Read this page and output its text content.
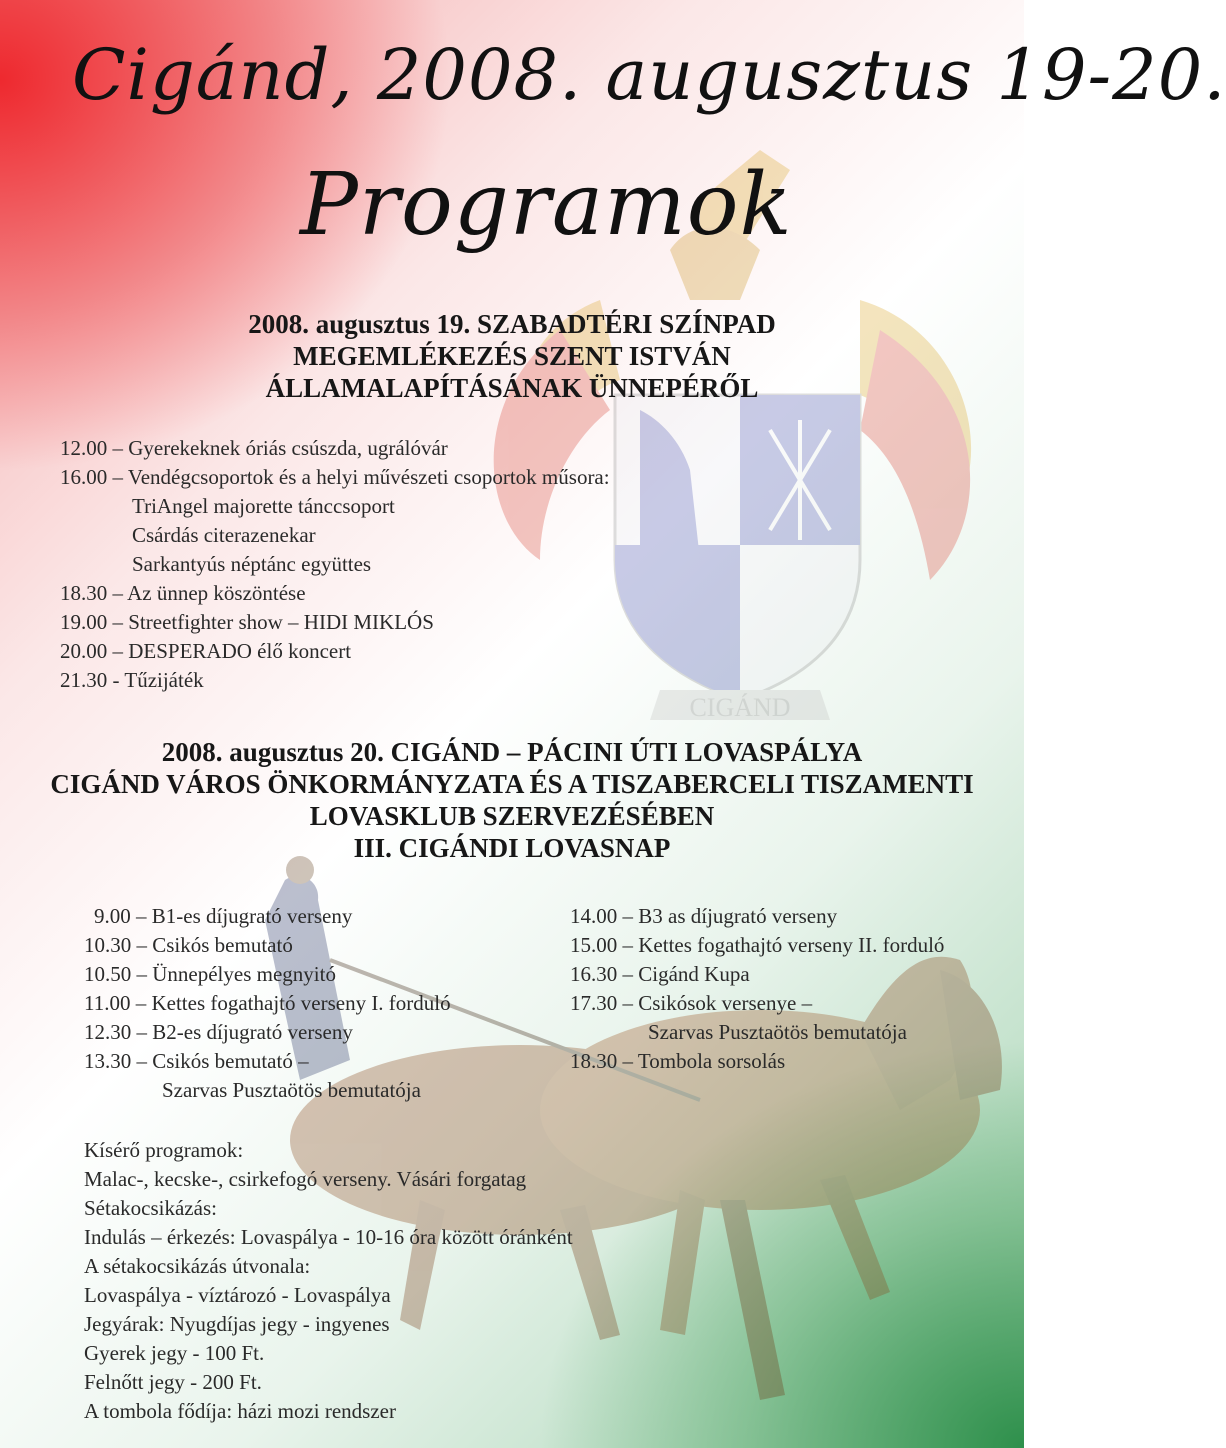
CIGÁND
Cigánd, 2008. augusztus 19-20.
Programok
2008. augusztus 19. SZABADTÉRI SZÍNPAD
MEGEMLÉKEZÉS SZENT ISTVÁN
ÁLLAMALAPÍTÁSÁNAK ÜNNEPÉRŐL
12.00 – Gyerekeknek óriás csúszda, ugrálóvár
16.00 – Vendégcsoportok és a helyi művészeti csoportok műsora:
TriAngel majorette tánccsoport
Csárdás citerazenekar
Sarkantyús néptánc együttes
18.30 – Az ünnep köszöntése
19.00 – Streetfighter show – HIDI MIKLÓS
20.00 – DESPERADO élő koncert
21.30 - Tűzijáték
2008. augusztus 20. CIGÁND – PÁCINI ÚTI LOVASPÁLYA
CIGÁND VÁROS ÖNKORMÁNYZATA ÉS A TISZABERCELI TISZAMENTI
LOVASKLUB SZERVEZÉSÉBEN
III. CIGÁNDI LOVASNAP
9.00 – B1-es díjugrató verseny
10.30 – Csikós bemutató
10.50 – Ünnepélyes megnyitó
11.00 – Kettes fogathajtó verseny I. forduló
12.30 – B2-es díjugrató verseny
13.30 – Csikós bemutató –
Szarvas Pusztaötös bemutatója
14.00 – B3 as díjugrató verseny
15.00 – Kettes fogathajtó verseny II. forduló
16.30 – Cigánd Kupa
17.30 – Csikósok versenye –
Szarvas Pusztaötös bemutatója
18.30 – Tombola sorsolás
Kísérő programok:
Malac-, kecske-, csirkefogó verseny. Vásári forgatag
Sétakocsikázás:
Indulás – érkezés: Lovaspálya - 10-16 óra között óránként
A sétakocsikázás útvonala:
Lovaspálya - víztározó - Lovaspálya
Jegyárak: Nyugdíjas jegy - ingyenes
Gyerek jegy - 100 Ft.
Felnőtt jegy - 200 Ft.
A tombola fődíja: házi mozi rendszer
